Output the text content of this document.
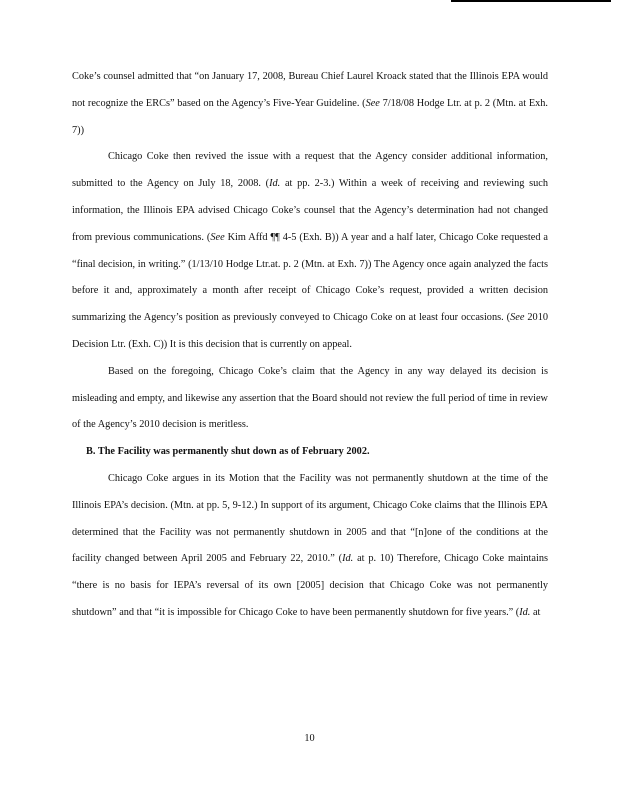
Coke’s counsel admitted that “on January 17, 2008, Bureau Chief Laurel Kroack stated that the Illinois EPA would not recognize the ERCs” based on the Agency’s Five-Year Guideline. (See 7/18/08 Hodge Ltr. at p. 2 (Mtn. at Exh. 7))

Chicago Coke then revived the issue with a request that the Agency consider additional information, submitted to the Agency on July 18, 2008. (Id. at pp. 2-3.) Within a week of receiving and reviewing such information, the Illinois EPA advised Chicago Coke’s counsel that the Agency’s determination had not changed from previous communications. (See Kim Affd ¶¶ 4-5 (Exh. B)) A year and a half later, Chicago Coke requested a “final decision, in writing.” (1/13/10 Hodge Ltr.at. p. 2 (Mtn. at Exh. 7)) The Agency once again analyzed the facts before it and, approximately a month after receipt of Chicago Coke’s request, provided a written decision summarizing the Agency’s position as previously conveyed to Chicago Coke on at least four occasions. (See 2010 Decision Ltr. (Exh. C)) It is this decision that is currently on appeal.

Based on the foregoing, Chicago Coke’s claim that the Agency in any way delayed its decision is misleading and empty, and likewise any assertion that the Board should not review the full period of time in review of the Agency’s 2010 decision is meritless.

B. The Facility was permanently shut down as of February 2002.

Chicago Coke argues in its Motion that the Facility was not permanently shutdown at the time of the Illinois EPA’s decision. (Mtn. at pp. 5, 9-12.) In support of its argument, Chicago Coke claims that the Illinois EPA determined that the Facility was not permanently shutdown in 2005 and that “[n]one of the conditions at the facility changed between April 2005 and February 22, 2010.” (Id. at p. 10) Therefore, Chicago Coke maintains “there is no basis for IEPA’s reversal of its own [2005] decision that Chicago Coke was not permanently shutdown” and that “it is impossible for Chicago Coke to have been permanently shutdown for five years.” (Id. at

10
